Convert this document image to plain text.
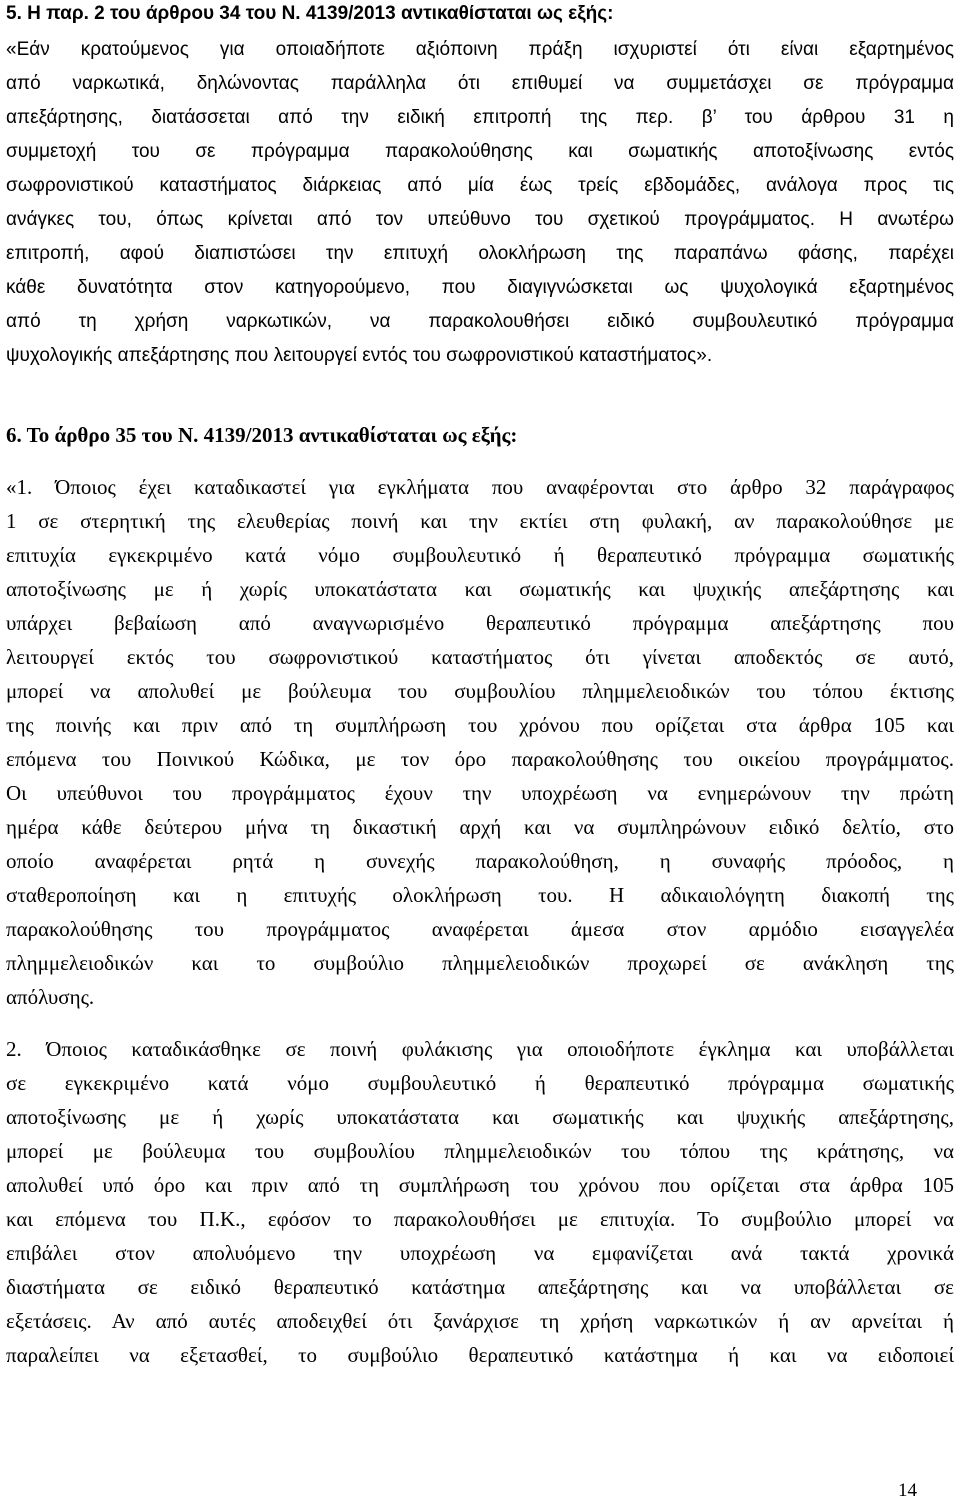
5. Η παρ. 2 του άρθρου 34 του Ν. 4139/2013 αντικαθίσταται ως εξής:
«Εάν κρατούμενος για οποιαδήποτε αξιόποινη πράξη ισχυριστεί ότι είναι εξαρτημένος
από ναρκωτικά, δηλώνοντας παράλληλα ότι επιθυμεί να συμμετάσχει σε πρόγραμμα
απεξάρτησης, διατάσσεται από την ειδική επιτροπή της περ. β’ του άρθρου 31 η
συμμετοχή του σε πρόγραμμα παρακολούθησης και σωματικής αποτοξίνωσης εντός
σωφρονιστικού καταστήματος διάρκειας από μία έως τρείς εβδομάδες, ανάλογα προς τις
ανάγκες του, όπως κρίνεται από τον υπεύθυνο του σχετικού προγράμματος. Η ανωτέρω
επιτροπή, αφού διαπιστώσει την επιτυχή ολοκλήρωση της παραπάνω φάσης, παρέχει
κάθε δυνατότητα στον κατηγορούμενο, που διαγιγνώσκεται ως ψυχολογικά εξαρτημένος
από τη χρήση ναρκωτικών, να παρακολουθήσει ειδικό συμβουλευτικό πρόγραμμα
ψυχολογικής απεξάρτησης που λειτουργεί εντός του σωφρονιστικού καταστήματος».
6. Το άρθρο 35 του Ν. 4139/2013 αντικαθίσταται ως εξής:
«1. Όποιος έχει καταδικαστεί για εγκλήματα που αναφέρονται στο άρθρο 32 παράγραφος
1 σε στερητική της ελευθερίας ποινή και την εκτίει στη φυλακή, αν παρακολούθησε με
επιτυχία εγκεκριμένο κατά νόμο συμβουλευτικό ή θεραπευτικό πρόγραμμα σωματικής
αποτοξίνωσης με ή χωρίς υποκατάστατα και σωματικής και ψυχικής απεξάρτησης και
υπάρχει βεβαίωση από αναγνωρισμένο θεραπευτικό πρόγραμμα απεξάρτησης που
λειτουργεί εκτός του σωφρονιστικού καταστήματος ότι γίνεται αποδεκτός σε αυτό,
μπορεί να απολυθεί με βούλευμα του συμβουλίου πλημμελειοδικών του τόπου έκτισης
της ποινής και πριν από τη συμπλήρωση του χρόνου που ορίζεται στα άρθρα 105 και
επόμενα του Ποινικού Κώδικα, με τον όρο παρακολούθησης του οικείου προγράμματος.
Οι υπεύθυνοι του προγράμματος έχουν την υποχρέωση να ενημερώνουν την πρώτη
ημέρα κάθε δεύτερου μήνα τη δικαστική αρχή και να συμπληρώνουν ειδικό δελτίο, στο
οποίο αναφέρεται ρητά η συνεχής παρακολούθηση, η συναφής πρόοδος, η
σταθεροποίηση και η επιτυχής ολοκλήρωση του. Η αδικαιολόγητη διακοπή της
παρακολούθησης του προγράμματος αναφέρεται άμεσα στον αρμόδιο εισαγγελέα
πλημμελειοδικών και το συμβούλιο πλημμελειοδικών προχωρεί σε ανάκληση της
απόλυσης.
2. Όποιος καταδικάσθηκε σε ποινή φυλάκισης για οποιοδήποτε έγκλημα και υποβάλλεται
σε εγκεκριμένο κατά νόμο συμβουλευτικό ή θεραπευτικό πρόγραμμα σωματικής
αποτοξίνωσης με ή χωρίς υποκατάστατα και σωματικής και ψυχικής απεξάρτησης,
μπορεί με βούλευμα του συμβουλίου πλημμελειοδικών του τόπου της κράτησης, να
απολυθεί υπό όρο και πριν από τη συμπλήρωση του χρόνου που ορίζεται στα άρθρα 105
και επόμενα του Π.Κ., εφόσον το παρακολουθήσει με επιτυχία. Το συμβούλιο μπορεί να
επιβάλει στον απολυόμενο την υποχρέωση να εμφανίζεται ανά τακτά χρονικά
διαστήματα σε ειδικό θεραπευτικό κατάστημα απεξάρτησης και να υποβάλλεται σε
εξετάσεις. Αν από αυτές αποδειχθεί ότι ξανάρχισε τη χρήση ναρκωτικών ή αν αρνείται ή
παραλείπει να εξετασθεί, το συμβούλιο θεραπευτικό κατάστημα ή και να ειδοποιεί
14
